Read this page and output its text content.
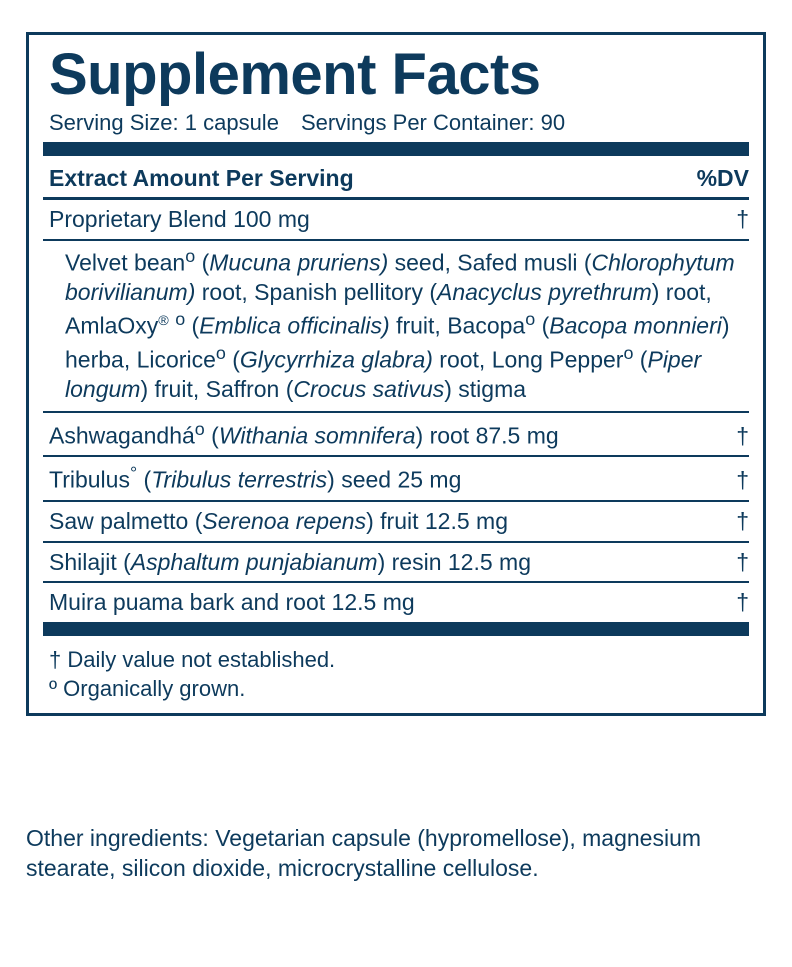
Supplement Facts
Serving Size: 1 capsule Servings Per Container: 90
Extract Amount Per Serving	%DV
Proprietary Blend 100 mg	†
Velvet bean$^o$ (Mucuna pruriens) seed, Safed musli (Chlorophytum borivilianum) root, Spanish pellitory (Anacyclus pyrethrum) root, AmlaOxy® $^o$ (Emblica officinalis) fruit, Bacopa$^o$ (Bacopa monnieri) herba, Licorice$^o$ (Glycyrrhiza glabra) root, Long Pepper$^o$ (Piper longum) fruit, Saffron (Crocus sativus) stigma
Ashwagandhá$^o$ (Withania somnifera) root 87.5 mg	†
Tribulus° (Tribulus terrestris) seed 25 mg	†
Saw palmetto (Serenoa repens) fruit 12.5 mg	†
Shilajit (Asphaltum punjabianum) resin 12.5 mg	†
Muira puama bark and root 12.5 mg	†
† Daily value not established.
º Organically grown.
Other ingredients: Vegetarian capsule (hypromellose), magnesium stearate, silicon dioxide, microcrystalline cellulose.
